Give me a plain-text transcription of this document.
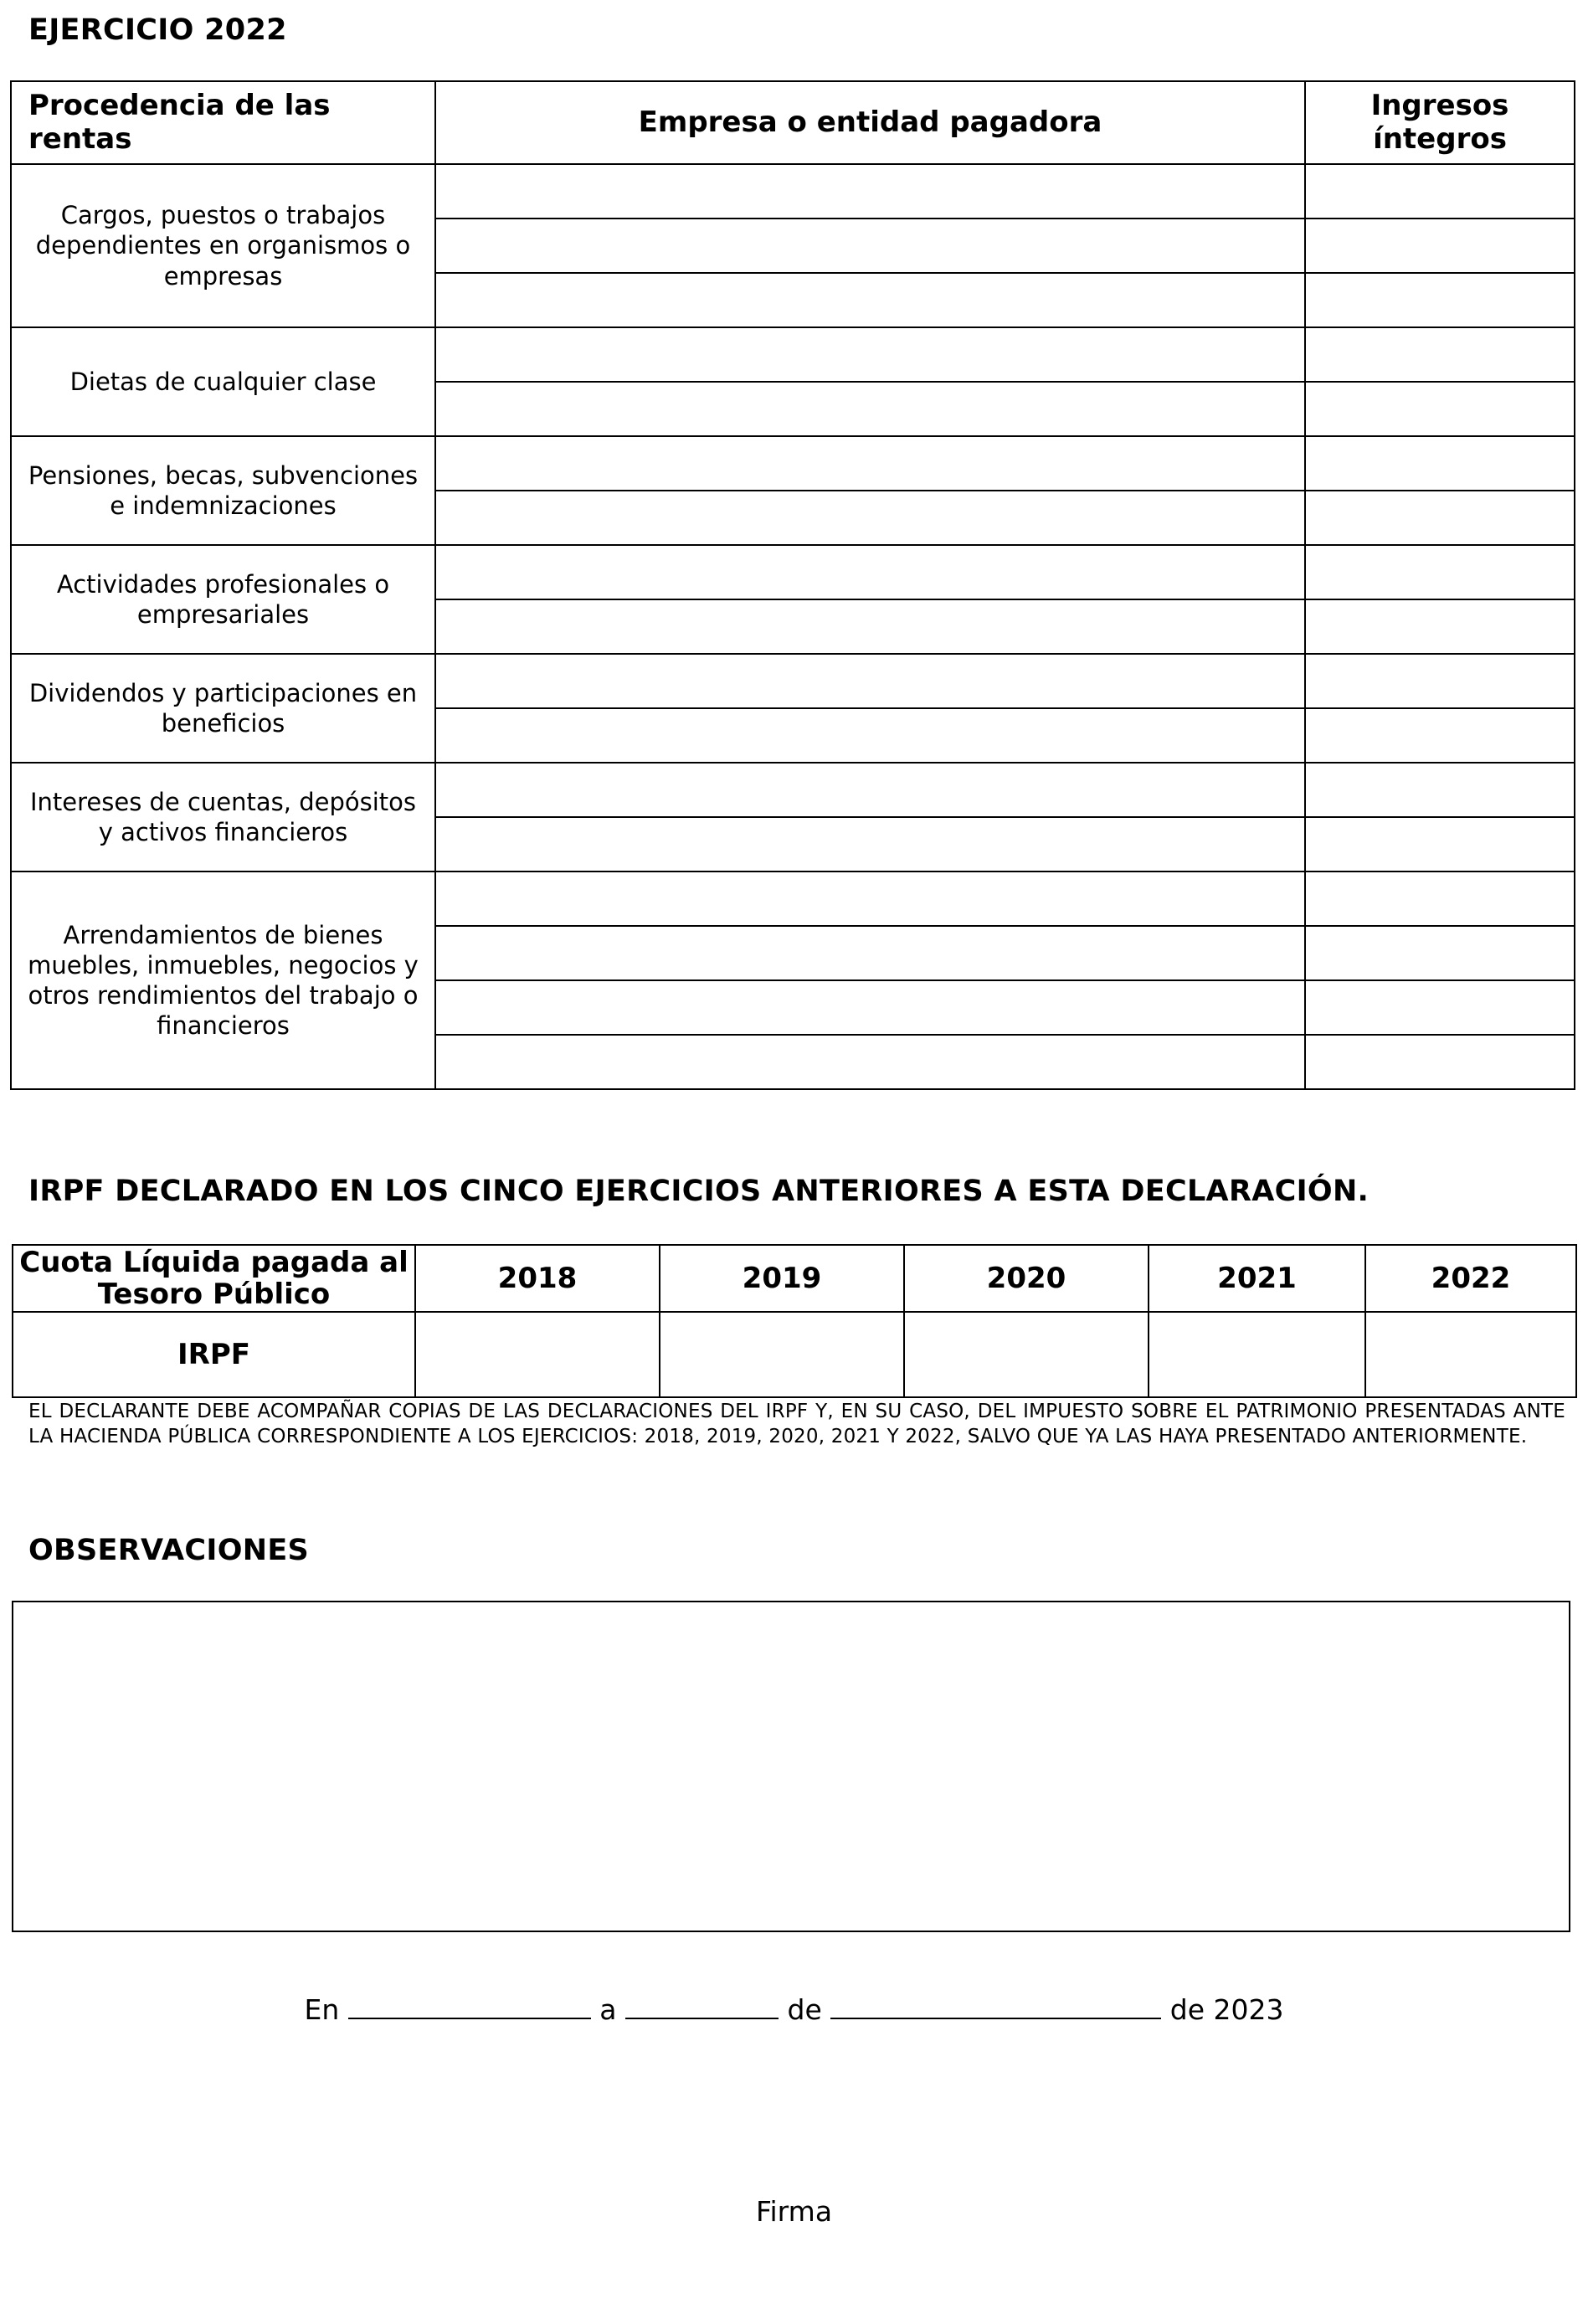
EJERCICIO 2022
Procedencia de las rentas	Empresa o entidad pagadora	Ingresos
íntegros

Cargos, puestos o trabajos
dependientes en organismos o
empresas		

Dietas de cualquier clase		

Pensiones, becas, subvenciones
e indemnizaciones		

Actividades profesionales o
empresariales		

Dividendos y participaciones en
beneficios		

Intereses de cuentas, depósitos
y activos financieros		

Arrendamientos de bienes
muebles, inmuebles, negocios y
otros rendimientos del trabajo o
financieros		

IRPF DECLARADO EN LOS CINCO EJERCICIOS ANTERIORES A ESTA DECLARACIÓN.
Cuota Líquida pagada al
Tesoro Público	2018	2019	2020	2021	2022
IRPF					
EL DECLARANTE DEBE ACOMPAÑAR COPIAS DE LAS DECLARACIONES DEL IRPF Y, EN SU CASO, DEL IMPUESTO SOBRE EL PATRIMONIO PRESENTADAS ANTE LA HACIENDA PÚBLICA CORRESPONDIENTE A LOS EJERCICIOS: 2018, 2019, 2020, 2021 Y 2022, SALVO QUE YA LAS HAYA PRESENTADO ANTERIORMENTE.
OBSERVACIONES
En	a	de	de 2023
Firma
